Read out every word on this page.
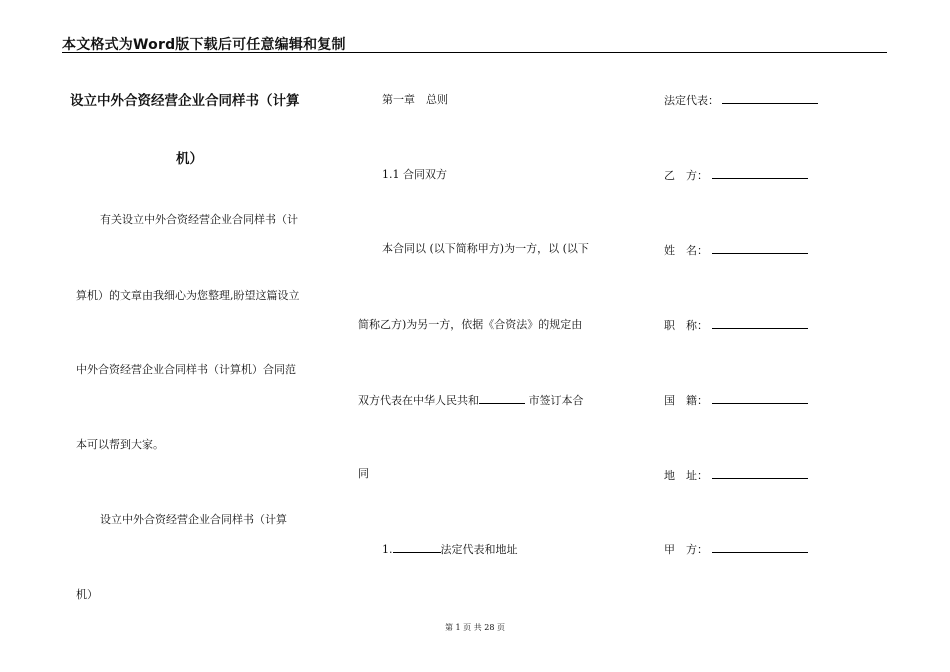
本文格式为Word版下载后可任意编辑和复制
设立中外合资经营企业合同样书（计算
机）
有关设立中外合资经营企业合同样书（计
算机）的文章由我细心为您整理,盼望这篇设立
中外合资经营企业合同样书（计算机）合同范
本可以帮到大家。
设立中外合资经营企业合同样书（计算
机）
第一章　总则
1.1 合同双方
本合同以 (以下简称甲方)为一方，以 (以下
简称乙方)为另一方，依据《合资法》的规定由
双方代表在中华人民共和	市签订本合
同
1.	法定代表和地址
法定代表：
乙　方：
姓　名：
职　称：
国　籍：
地　址：
甲　方：
第 1 页 共 28 页
